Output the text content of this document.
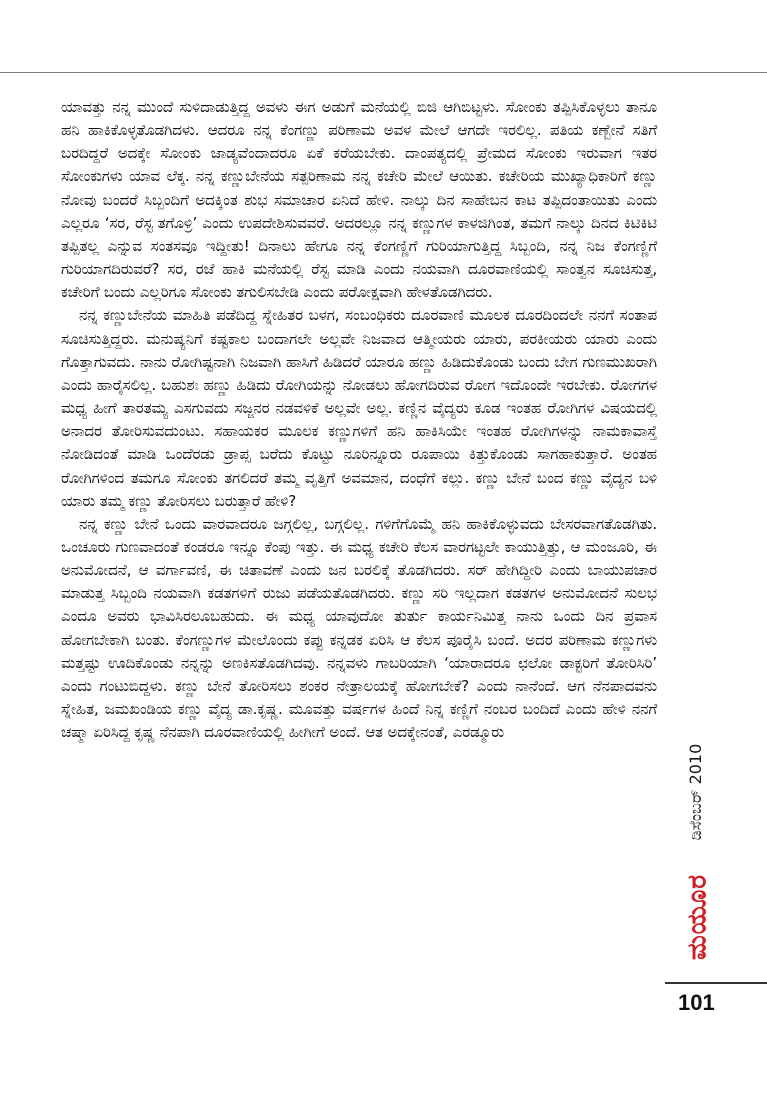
ಯಾವತ್ತು ನನ್ನ ಮುಂದೆ ಸುಳಿದಾಡುತ್ತಿದ್ದ ಅವಳು ಈಗ ಅಡುಗೆ ಮನೆಯಲ್ಲಿ ಬಿಜಿ ಆಗಿಬಿಟ್ಟಳು. ಸೋಂಕು ತಪ್ಪಿಸಿಕೊಳ್ಳಲು ತಾನೂ ಹನಿ ಹಾಕಿಕೊಳ್ಳತೊಡಗಿದಳು. ಆದರೂ ನನ್ನ ಕೆಂಗಣ್ಣು ಪರಿಣಾಮ ಅವಳ ಮೇಲೆ ಆಗದೇ ಇರಲಿಲ್ಲ. ಪತಿಯ ಕಣ್ಬೇನೆ ಸತಿಗೆ ಬರದಿದ್ದರೆ ಅದಕ್ಕೇ ಸೋಂಕು ಜಾಡ್ಯವೆಂದಾದರೂ ಏಕೆ ಕರೆಯಬೇಕು. ದಾಂಪತ್ಯದಲ್ಲಿ ಪ್ರೇಮದ ಸೋಂಕು ಇರುವಾಗ ಇತರ ಸೋಂಕುಗಳು ಯಾವ ಲೆಕ್ಕ. ನನ್ನ ಕಣ್ಣುಬೇನೆಯ ಸತ್ಪರಿಣಾಮ ನನ್ನ ಕಚೇರಿ ಮೇಲೆ ಆಯಿತು. ಕಚೇರಿಯ ಮುಖ್ಯಾಧಿಕಾರಿಗೆ ಕಣ್ಣು ನೋವು ಬಂದರೆ ಸಿಬ್ಬಂದಿಗೆ ಅದಕ್ಕಿಂತ ಶುಭ ಸಮಾಚಾರ ಏನಿದೆ ಹೇಳಿ. ನಾಲ್ಕು ದಿನ ಸಾಹೇಬನ ಕಾಟ ತಪ್ಪಿದಂತಾಯಿತು ಎಂದು ಎಲ್ಲರೂ ‘ಸರ, ರೆಸ್ಟ ತಗೊಳ್ರಿ’ ಎಂದು ಉಪದೇಶಿಸುವವರೆ. ಅದರಲ್ಲೂ ನನ್ನ ಕಣ್ಣುಗಳ ಕಾಳಜಿಗಿಂತ, ತಮಗೆ ನಾಲ್ಕು ದಿನದ ಕಿಟಿಕಿಟಿ ತಪ್ಪಿತಲ್ಲ ಎನ್ನುವ ಸಂತಸವೂ ಇದ್ದೀತು! ದಿನಾಲು ಹೇಗೂ ನನ್ನ ಕೆಂಗಣ್ಣಿಗೆ ಗುರಿಯಾಗುತ್ತಿದ್ದ ಸಿಬ್ಬಂದಿ, ನನ್ನ ನಿಜ ಕೆಂಗಣ್ಣಿಗೆ ಗುರಿಯಾಗದಿರುವರೆ? ಸರ, ರಜೆ ಹಾಕಿ ಮನೆಯಲ್ಲಿ ರೆಸ್ಟ ಮಾಡಿ ಎಂದು ನಯವಾಗಿ ದೂರವಾಣಿಯಲ್ಲಿ ಸಾಂತ್ವನ ಸೂಚಿಸುತ್ತ, ಕಚೇರಿಗೆ ಬಂದು ಎಲ್ಲರಿಗೂ ಸೋಂಕು ತಗುಲಿಸಬೇಡಿ ಎಂದು ಪರೋಕ್ಷವಾಗಿ ಹೇಳತೊಡಗಿದರು.

ನನ್ನ ಕಣ್ಣುಬೇನೆಯ ಮಾಹಿತಿ ಪಡೆದಿದ್ದ ಸ್ನೇಹಿತರ ಬಳಗ, ಸಂಬಂಧಿಕರು ದೂರವಾಣಿ ಮೂಲಕ ದೂರದಿಂದಲೇ ನನಗೆ ಸಂತಾಪ ಸೂಚಿಸುತ್ತಿದ್ದರು. ಮನುಷ್ಯನಿಗೆ ಕಷ್ಟಕಾಲ ಬಂದಾಗಲೇ ಅಲ್ಲವೇ ನಿಜವಾದ ಆತ್ಮೀಯರು ಯಾರು, ಪರಕೀಯರು ಯಾರು ಎಂದು ಗೊತ್ತಾಗುವದು. ನಾನು ರೋಗಿಷ್ಟನಾಗಿ ನಿಜವಾಗಿ ಹಾಸಿಗೆ ಹಿಡಿದರೆ ಯಾರೂ ಹಣ್ಣು ಹಿಡಿದುಕೊಂಡು ಬಂದು ಬೇಗ ಗುಣಮುಖರಾಗಿ ಎಂದು ಹಾರೈಸಲಿಲ್ಲ. ಬಹುಶಃ ಹಣ್ಣು ಹಿಡಿದು ರೋಗಿಯನ್ನು ನೋಡಲು ಹೋಗದಿರುವ ರೋಗ ಇದೊಂದೇ ಇರಬೇಕು. ರೋಗಗಳ ಮಧ್ಯ ಹೀಗೆ ತಾರತಮ್ಯ ಎಸಗುವದು ಸಜ್ಜನರ ನಡವಳಿಕೆ ಅಲ್ಲವೇ ಅಲ್ಲ. ಕಣ್ಣಿನ ವೈದ್ಯರು ಕೂಡ ಇಂತಹ ರೋಗಿಗಳ ವಿಷಯದಲ್ಲಿ ಅನಾದರ ತೋರಿಸುವದುಂಟು. ಸಹಾಯಕರ ಮೂಲಕ ಕಣ್ಣುಗಳಿಗೆ ಹನಿ ಹಾಕಿಸಿಯೇ ಇಂತಹ ರೋಗಿಗಳನ್ನು ನಾಮಕಾವಾಸ್ತೆ ನೋಡಿದಂತೆ ಮಾಡಿ ಒಂದೆರಡು ಡ್ರಾಪ್ಸ ಬರೆದು ಕೊಟ್ಟು ನೂರಿನ್ನೂರು ರೂಪಾಯಿ ಕಿತ್ತುಕೊಂಡು ಸಾಗಹಾಕುತ್ತಾರೆ. ಅಂತಹ ರೋಗಿಗಳಿಂದ ತಮಗೂ ಸೋಂಕು ತಗಲಿದರೆ ತಮ್ಮ ವೃತ್ತಿಗೆ ಅವಮಾನ, ದಂಧೆಗೆ ಕಲ್ಲು. ಕಣ್ಣು ಬೇನೆ ಬಂದ ಕಣ್ಣು ವೈದ್ಯನ ಬಳಿ ಯಾರು ತಮ್ಮ ಕಣ್ಣು ತೋರಿಸಲು ಬರುತ್ತಾರೆ ಹೇಳಿ?

ನನ್ನ ಕಣ್ಣು ಬೇನೆ ಒಂದು ವಾರವಾದರೂ ಜಗ್ಗಲಿಲ್ಲ, ಬಗ್ಗಲಿಲ್ಲ. ಗಳಿಗೆಗೊಮ್ಮೆ ಹನಿ ಹಾಕಿಕೊಳ್ಳುವದು ಬೇಸರವಾಗತೊಡಗಿತು. ಒಂಚೂರು ಗುಣವಾದಂತೆ ಕಂಡರೂ ಇನ್ನೂ ಕೆಂಪು ಇತ್ತು. ಈ ಮಧ್ಯ ಕಚೇರಿ ಕೆಲಸ ವಾರಗಟ್ಟಲೇ ಕಾಯುತ್ತಿತ್ತು, ಆ ಮಂಜೂರಿ, ಈ ಅನುಮೋದನೆ, ಆ ವರ್ಗಾವಣಿ, ಈ ಚಿತಾವಣೆ ಎಂದು ಜನ ಬರಲಿಕ್ಕೆ ತೊಡಗಿದರು. ಸರ್ ಹೇಗಿದ್ದೀರಿ ಎಂದು ಬಾಯುಪಚಾರ ಮಾಡುತ್ತ ಸಿಬ್ಬಂದಿ ನಯವಾಗಿ ಕಡತಗಳಿಗೆ ರುಜು ಪಡೆಯತೊಡಗಿದರು. ಕಣ್ಣು ಸರಿ ಇಲ್ಲದಾಗ ಕಡತಗಳ ಅನುಮೋದನೆ ಸುಲಭ ಎಂದೂ ಅವರು ಭಾವಿಸಿರಲೂಬಹುದು. ಈ ಮಧ್ಯ ಯಾವುದೋ ತುರ್ತು ಕಾರ್ಯನಿಮಿತ್ತ ನಾನು ಒಂದು ದಿನ ಪ್ರವಾಸ ಹೋಗಬೇಕಾಗಿ ಬಂತು. ಕೆಂಗಣ್ಣುಗಳ ಮೇಲೊಂದು ಕಪ್ಪು ಕನ್ನಡಕ ಏರಿಸಿ ಆ ಕೆಲಸ ಪೂರೈಸಿ ಬಂದೆ. ಅದರ ಪರಿಣಾಮ ಕಣ್ಣುಗಳು ಮತ್ತಷ್ಟು ಊದಿಕೊಂಡು ನನ್ನನ್ನು ಅಣಕಿಸತೊಡಗಿದವು. ನನ್ನವಳು ಗಾಬರಿಯಾಗಿ ‘ಯಾರಾದರೂ ಛಲೋ ಡಾಕ್ಟರಿಗೆ ತೋರಿಸಿರಿ’ ಎಂದು ಗಂಟುಬಿದ್ದಳು. ಕಣ್ಣು ಬೇನೆ ತೋರಿಸಲು ಶಂಕರ ನೇತ್ರಾಲಯಕ್ಕೆ ಹೋಗಬೇಕೆ? ಎಂದು ನಾನೆಂದೆ. ಆಗ ನೆನಪಾದವನು ಸ್ನೇಹಿತ, ಜಮಖಂಡಿಯ ಕಣ್ಣು ವೈದ್ಯ ಡಾ.ಕೃಷ್ಣ. ಮೂವತ್ತು ವರ್ಷಗಳ ಹಿಂದೆ ನಿನ್ನ ಕಣ್ಣಿಗೆ ನಂಬರ ಬಂದಿದೆ ಎಂದು ಹೇಳಿ ನನಗೆ ಚಷ್ಮಾ ಏರಿಸಿದ್ದ ಕೃಷ್ಣ ನೆನಪಾಗಿ ದೂರವಾಣಿಯಲ್ಲಿ ಹೀಗೀಗೆ ಅಂದೆ. ಆತ ಅದಕ್ಕೇನಂತೆ, ಎರಡ್ಮೂರು

ಡಿಸೆಂಬರ್ 2010
ಮಯೂರ
101
